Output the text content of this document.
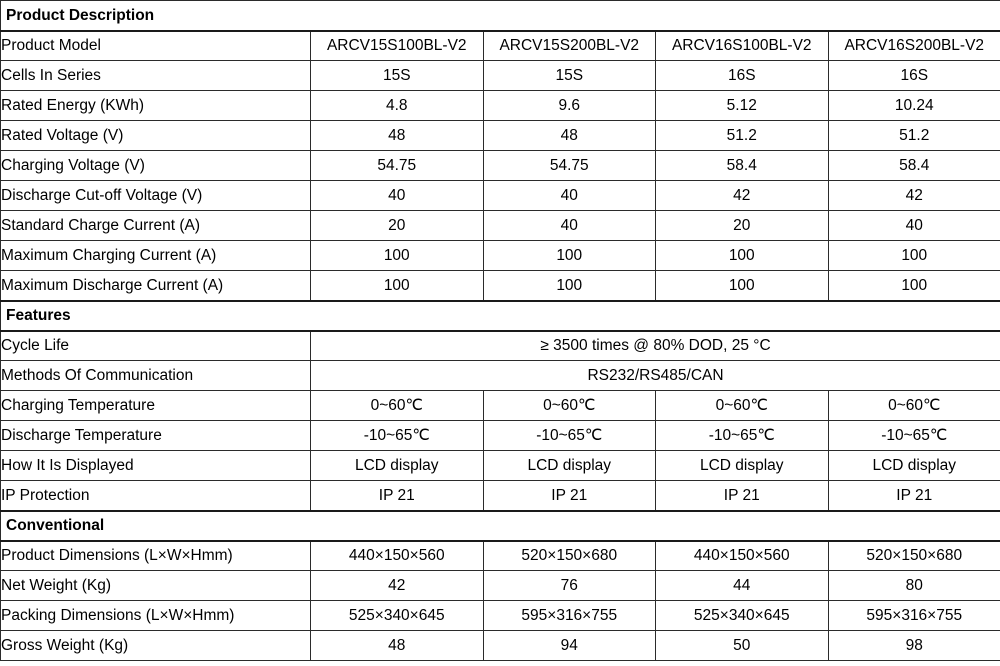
Product Description				
Product Model	ARCV15S100BL-V2	ARCV15S200BL-V2	ARCV16S100BL-V2	ARCV16S200BL-V2
Cells In Series	15S	15S	16S	16S
Rated Energy (KWh)	4.8	9.6	5.12	10.24
Rated Voltage (V)	48	48	51.2	51.2
Charging Voltage (V)	54.75	54.75	58.4	58.4
Discharge Cut-off Voltage (V)	40	40	42	42
Standard Charge Current (A)	20	40	20	40
Maximum Charging Current (A)	100	100	100	100
Maximum Discharge Current (A)	100	100	100	100
Features				
Cycle Life	≥ 3500 times @ 80% DOD, 25 °C			
Methods Of Communication	RS232/RS485/CAN			
Charging Temperature	0~60℃	0~60℃	0~60℃	0~60℃
Discharge Temperature	-10~65℃	-10~65℃	-10~65℃	-10~65℃
How It Is Displayed	LCD display	LCD display	LCD display	LCD display
IP Protection	IP 21	IP 21	IP 21	IP 21
Conventional				
Product Dimensions (L×W×Hmm)	440×150×560	520×150×680	440×150×560	520×150×680
Net Weight (Kg)	42	76	44	80
Packing Dimensions (L×W×Hmm)	525×340×645	595×316×755	525×340×645	595×316×755
Gross Weight (Kg)	48	94	50	98
